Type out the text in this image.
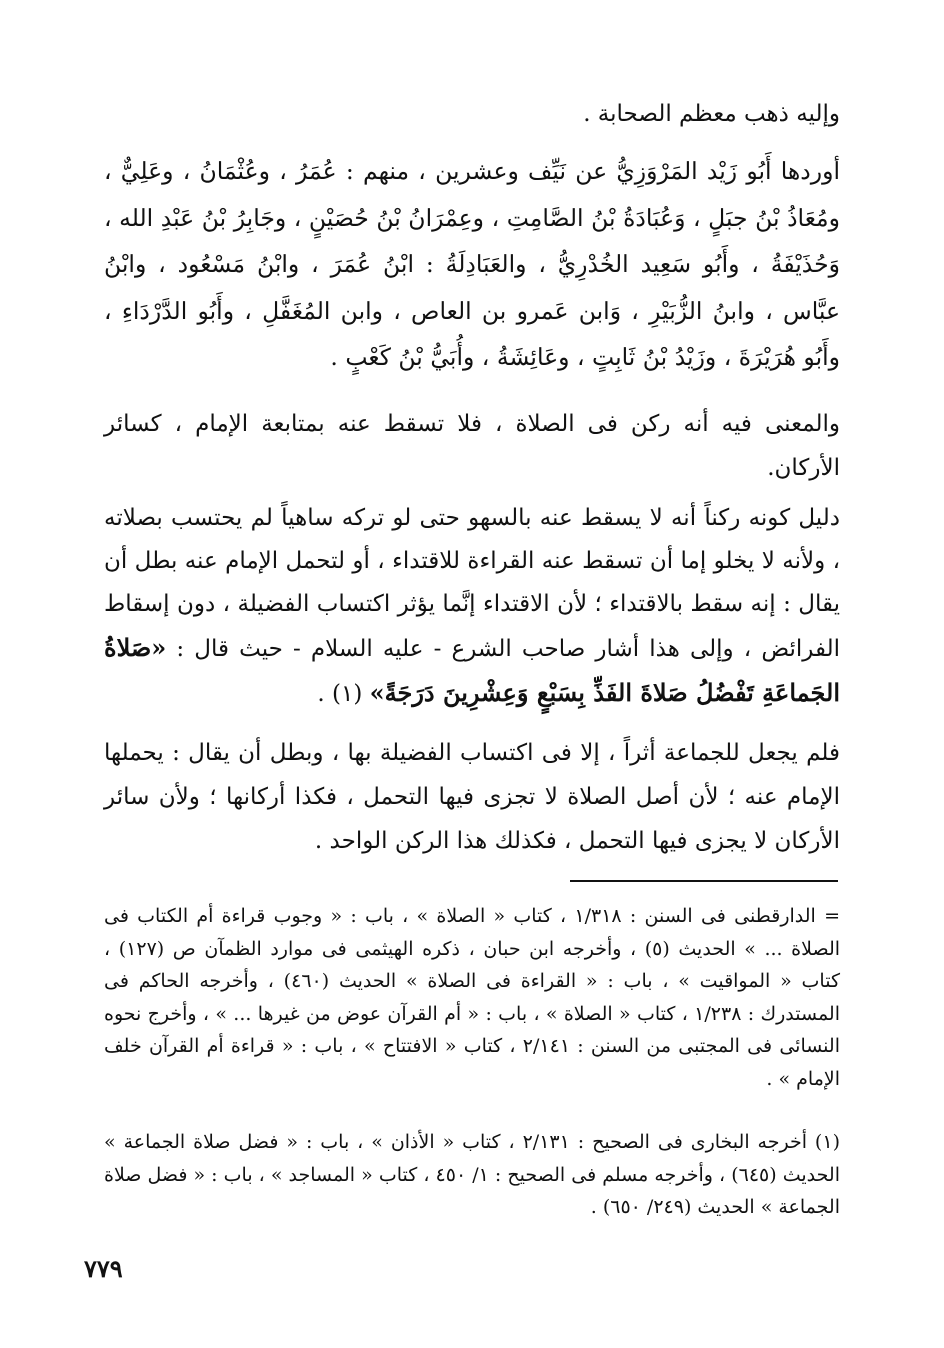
وإليه ذهب معظم الصحابة .
أوردها أَبُو زَيْد المَرْوَزِيُّ عن نَيِّف وعشرين ، منهم : عُمَرُ ، وعُثْمَانُ ، وعَلِيٌّ ، ومُعَاذُ بْنُ جبَلٍ ، وَعُبَادَةُ بْنُ الصَّامِتِ ، وعِمْرَانُ بْنُ حُصَيْنٍ ، وجَابِرُ بْنُ عَبْدِ الله ، وَحُذَيْفَةُ ، وأَبُو سَعِيد الخُدْرِيُّ ، والعَبَادِلَةُ : ابْنُ عُمَرَ ، وابْنُ مَسْعُود ، وابْنُ عبَّاس ، وابنُ الزُّبَيْرِ ، وَابن عَمرو بن العاص ، وابن المُغَفَّلِ ، وأَبُو الدَّرْدَاءِ ، وأَبُو هُرَيْرَةَ ، وزَيْدُ بْنُ ثَابِتٍ ، وعَائِشَةُ ، وأُبَيُّ بْنُ كَعْبٍ .
والمعنى فيه أنه ركن فى الصلاة ، فلا تسقط عنه بمتابعة الإمام ، كسائر الأركان.
دليل كونه ركناً أنه لا يسقط عنه بالسهو حتى لو تركه ساهياً لم يحتسب بصلاته ، ولأنه لا يخلو إما أن تسقط عنه القراءة للاقتداء ، أو لتحمل الإمام عنه بطل أن يقال : إنه سقط بالاقتداء ؛ لأن الاقتداء إنَّما يؤثر اكتساب الفضيلة ، دون إسقاط الفرائض ، وإلى هذا أشار صاحب الشرع - عليه السلام - حيث قال : «صَلاةُ الجَماعَةِ تَفْضُلُ صَلاةَ الفَذِّ بِسَبْعٍ وَعِشْرِينَ دَرَجَةً» (١) .
فلم يجعل للجماعة أثراً ، إلا فى اكتساب الفضيلة بها ، وبطل أن يقال : يحملها الإمام عنه ؛ لأن أصل الصلاة لا تجزى فيها التحمل ، فكذا أركانها ؛ ولأن سائر الأركان لا يجزى فيها التحمل ، فكذلك هذا الركن الواحد .
= الدارقطنى فى السنن : ١/٣١٨ ، كتاب « الصلاة » ، باب : « وجوب قراءة أم الكتاب فى الصلاة ... » الحديث (٥) ، وأخرجه ابن حبان ، ذكره الهيثمى فى موارد الظمآن ص (١٢٧) ، كتاب « المواقيت » ، باب : « القراءة فى الصلاة » الحديث (٤٦٠) ، وأخرجه الحاكم فى المستدرك : ١/٢٣٨ ، كتاب « الصلاة » ، باب : « أم القرآن عوض من غيرها ... » ، وأخرج نحوه النسائى فى المجتبى من السنن : ٢/١٤١ ، كتاب « الافتتاح » ، باب : « قراءة أم القرآن خلف الإمام » .
(١) أخرجه البخارى فى الصحيح : ٢/١٣١ ، كتاب « الأذان » ، باب : « فضل صلاة الجماعة » الحديث (٦٤٥) ، وأخرجه مسلم فى الصحيح : ١/ ٤٥٠ ، كتاب « المساجد » ، باب : « فضل صلاة الجماعة » الحديث (٢٤٩/ ٦٥٠) .
٧٧٩
